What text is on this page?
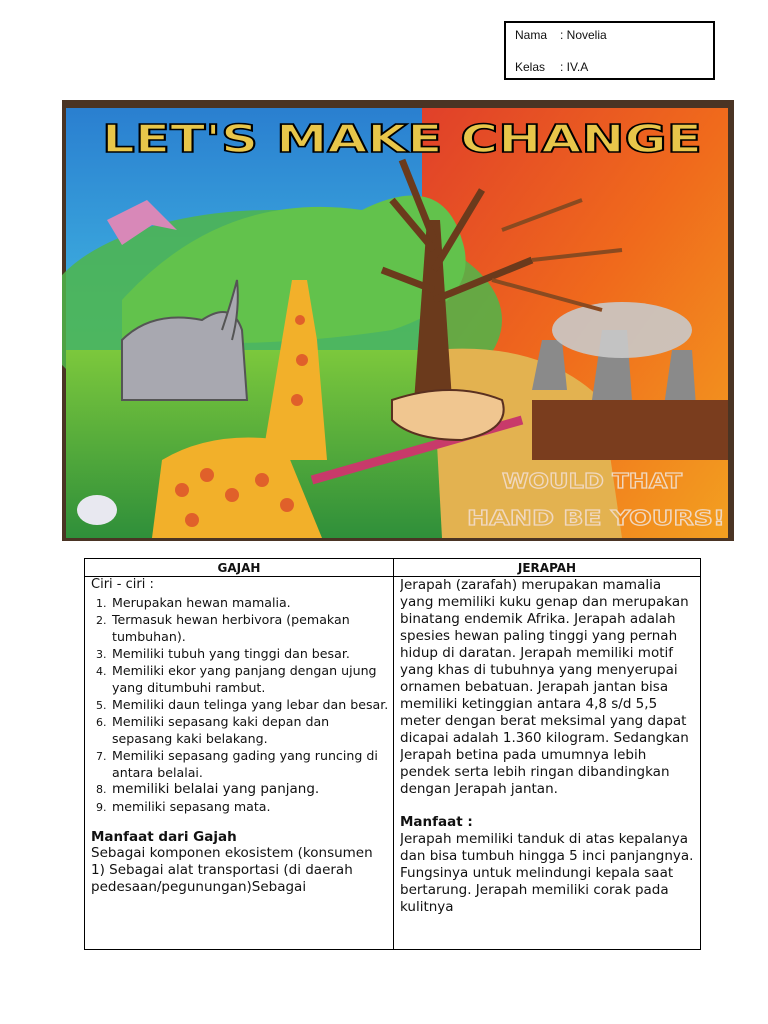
Nama : Novelia
Kelas : IV.A
LET'S MAKE CHANGE
WOULD THAT
HAND BE YOURS!
GAJAH	JERAPAH
Ciri - ciri :
1. Merupakan hewan mamalia.
2. Termasuk hewan herbivora (pemakan tumbuhan).
3. Memiliki tubuh yang tinggi dan besar.
4. Memiliki ekor yang panjang dengan ujung yang ditumbuhi rambut.
5. Memiliki daun telinga yang lebar dan besar.
6. Memiliki sepasang kaki depan dan sepasang kaki belakang.
7. Memiliki sepasang gading yang runcing di antara belalai.
8. memiliki belalai yang panjang.
9. memiliki sepasang mata.
Manfaat dari Gajah
Sebagai komponen ekosistem (konsumen 1) Sebagai alat transportasi (di daerah pedesaan/pegunungan)Sebagai
Jerapah (zarafah) merupakan mamalia yang memiliki kuku genap dan merupakan binatang endemik Afrika. Jerapah adalah spesies hewan paling tinggi yang pernah hidup di daratan. Jerapah memiliki motif yang khas di tubuhnya yang menyerupai ornamen bebatuan. Jerapah jantan bisa memiliki ketinggian antara 4,8 s/d 5,5 meter dengan berat meksimal yang dapat dicapai adalah 1.360 kilogram. Sedangkan Jerapah betina pada umumnya lebih pendek serta lebih ringan dibandingkan dengan Jerapah jantan.
Manfaat :
Jerapah memiliki tanduk di atas kepalanya dan bisa tumbuh hingga 5 inci panjangnya. Fungsinya untuk melindungi kepala saat bertarung. Jerapah memiliki corak pada kulitnya
